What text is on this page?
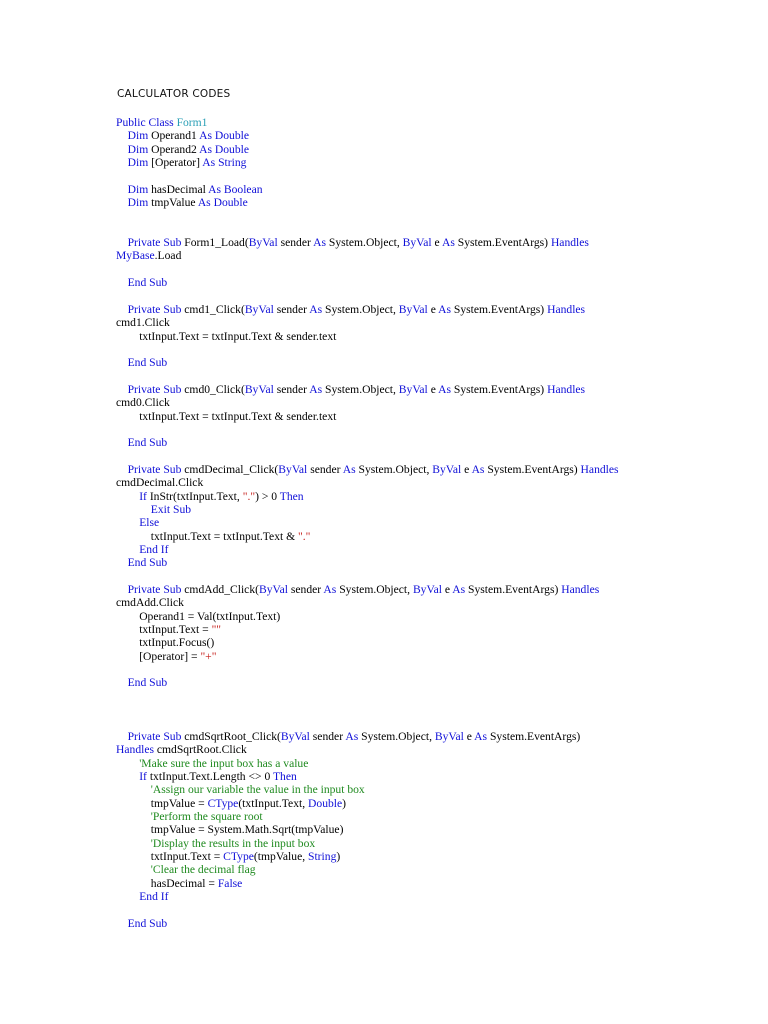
CALCULATOR CODES
Public Class Form1
Dim Operand1 As Double
Dim Operand2 As Double
Dim [Operator] As String

Dim hasDecimal As Boolean
Dim tmpValue As Double

Private Sub Form1_Load(ByVal sender As System.Object, ByVal e As System.EventArgs) Handles
MyBase.Load

End Sub

Private Sub cmd1_Click(ByVal sender As System.Object, ByVal e As System.EventArgs) Handles
cmd1.Click
txtInput.Text = txtInput.Text & sender.text

End Sub

Private Sub cmd0_Click(ByVal sender As System.Object, ByVal e As System.EventArgs) Handles
cmd0.Click
txtInput.Text = txtInput.Text & sender.text

End Sub

Private Sub cmdDecimal_Click(ByVal sender As System.Object, ByVal e As System.EventArgs) Handles
cmdDecimal.Click
If InStr(txtInput.Text, ".") > 0 Then
Exit Sub
Else
txtInput.Text = txtInput.Text & "."
End If
End Sub

Private Sub cmdAdd_Click(ByVal sender As System.Object, ByVal e As System.EventArgs) Handles
cmdAdd.Click
Operand1 = Val(txtInput.Text)
txtInput.Text = ""
txtInput.Focus()
[Operator] = "+"

End Sub

Private Sub cmdSqrtRoot_Click(ByVal sender As System.Object, ByVal e As System.EventArgs)
Handles cmdSqrtRoot.Click
'Make sure the input box has a value
If txtInput.Text.Length <> 0 Then
'Assign our variable the value in the input box
tmpValue = CType(txtInput.Text, Double)
'Perform the square root
tmpValue = System.Math.Sqrt(tmpValue)
'Display the results in the input box
txtInput.Text = CType(tmpValue, String)
'Clear the decimal flag
hasDecimal = False
End If

End Sub
